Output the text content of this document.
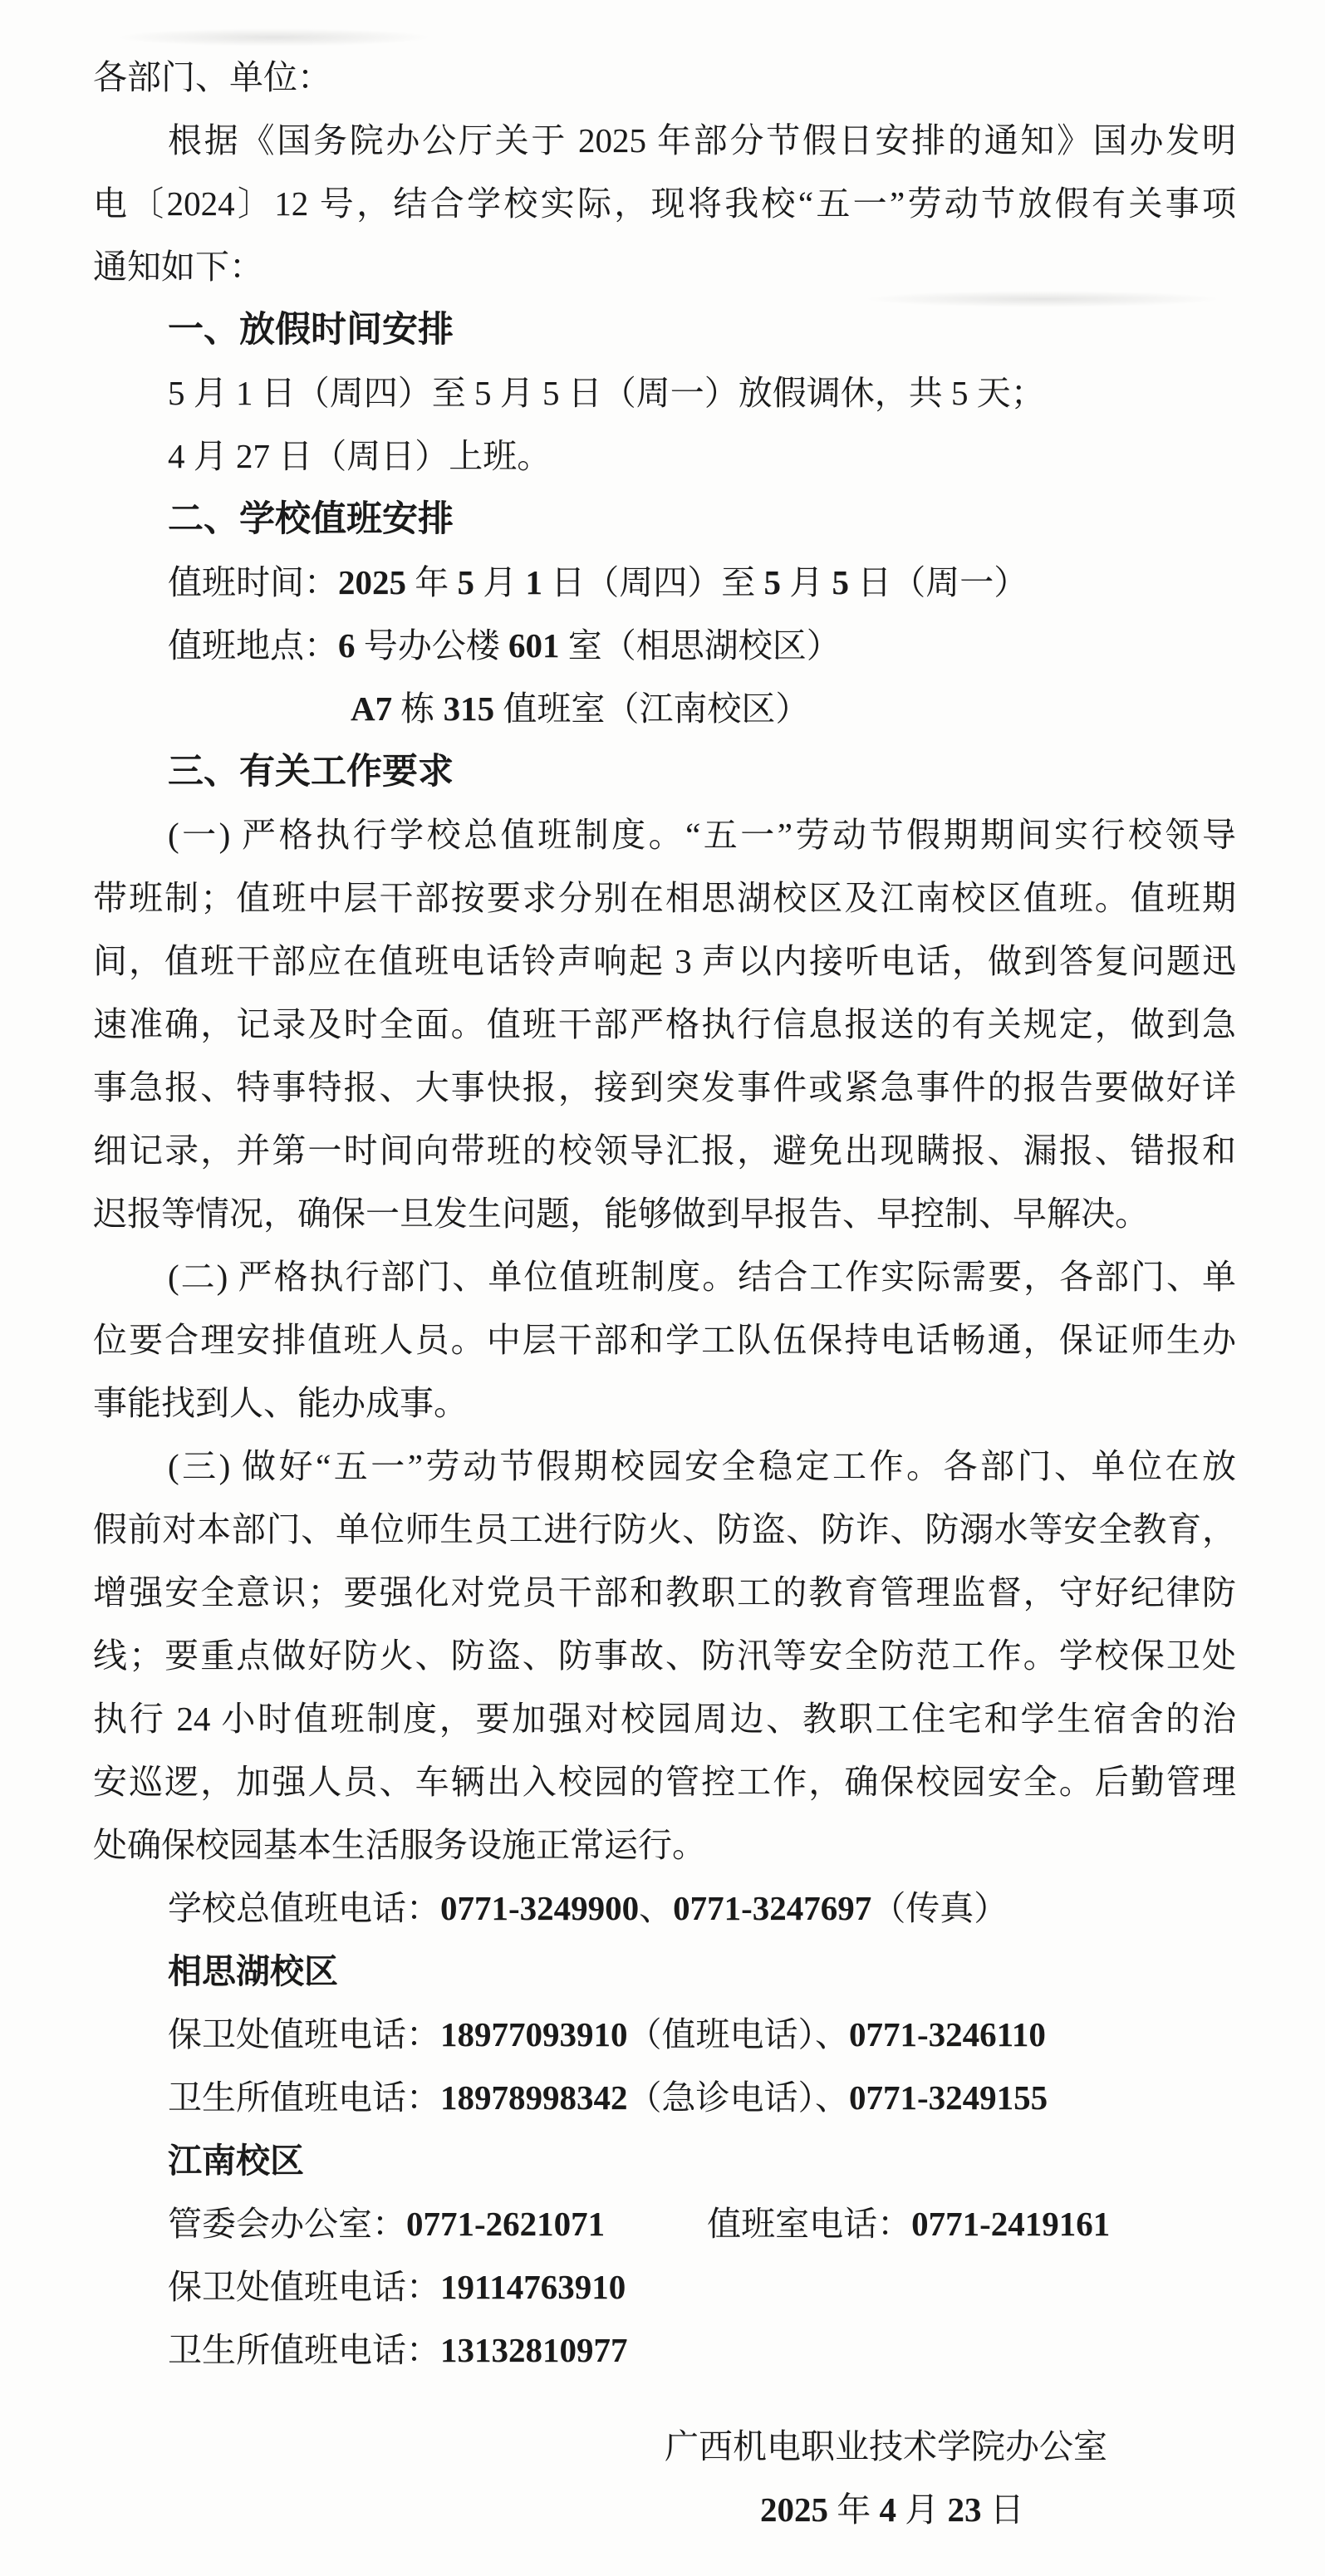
各部门、单位：
根据《国务院办公厅关于 2025 年部分节假日安排的通知》国办发明
电〔2024〕12 号，结合学校实际，现将我校“五一”劳动节放假有关事项
通知如下：
一、放假时间安排
5 月 1 日（周四）至 5 月 5 日（周一）放假调休，共 5 天；
4 月 27 日（周日）上班。
二、学校值班安排
值班时间：2025 年 5 月 1 日（周四）至 5 月 5 日（周一）
值班地点：6 号办公楼 601 室（相思湖校区）
A7 栋 315 值班室（江南校区）
三、有关工作要求
(一) 严格执行学校总值班制度。“五一”劳动节假期期间实行校领导
带班制；值班中层干部按要求分别在相思湖校区及江南校区值班。值班期
间，值班干部应在值班电话铃声响起 3 声以内接听电话，做到答复问题迅
速准确，记录及时全面。值班干部严格执行信息报送的有关规定，做到急
事急报、特事特报、大事快报，接到突发事件或紧急事件的报告要做好详
细记录，并第一时间向带班的校领导汇报，避免出现瞒报、漏报、错报和
迟报等情况，确保一旦发生问题，能够做到早报告、早控制、早解决。
(二) 严格执行部门、单位值班制度。结合工作实际需要，各部门、单
位要合理安排值班人员。中层干部和学工队伍保持电话畅通，保证师生办
事能找到人、能办成事。
(三) 做好“五一”劳动节假期校园安全稳定工作。各部门、单位在放
假前对本部门、单位师生员工进行防火、防盗、防诈、防溺水等安全教育，
增强安全意识；要强化对党员干部和教职工的教育管理监督，守好纪律防
线；要重点做好防火、防盗、防事故、防汛等安全防范工作。学校保卫处
执行 24 小时值班制度，要加强对校园周边、教职工住宅和学生宿舍的治
安巡逻，加强人员、车辆出入校园的管控工作，确保校园安全。后勤管理
处确保校园基本生活服务设施正常运行。
学校总值班电话：0771-3249900、0771-3247697（传真）
相思湖校区
保卫处值班电话：18977093910（值班电话）、0771-3246110
卫生所值班电话：18978998342（急诊电话）、0771-3249155
江南校区
管委会办公室：0771-2621071　　　值班室电话：0771-2419161
保卫处值班电话：19114763910
卫生所值班电话：13132810977
广西机电职业技术学院办公室
2025 年 4 月 23 日
